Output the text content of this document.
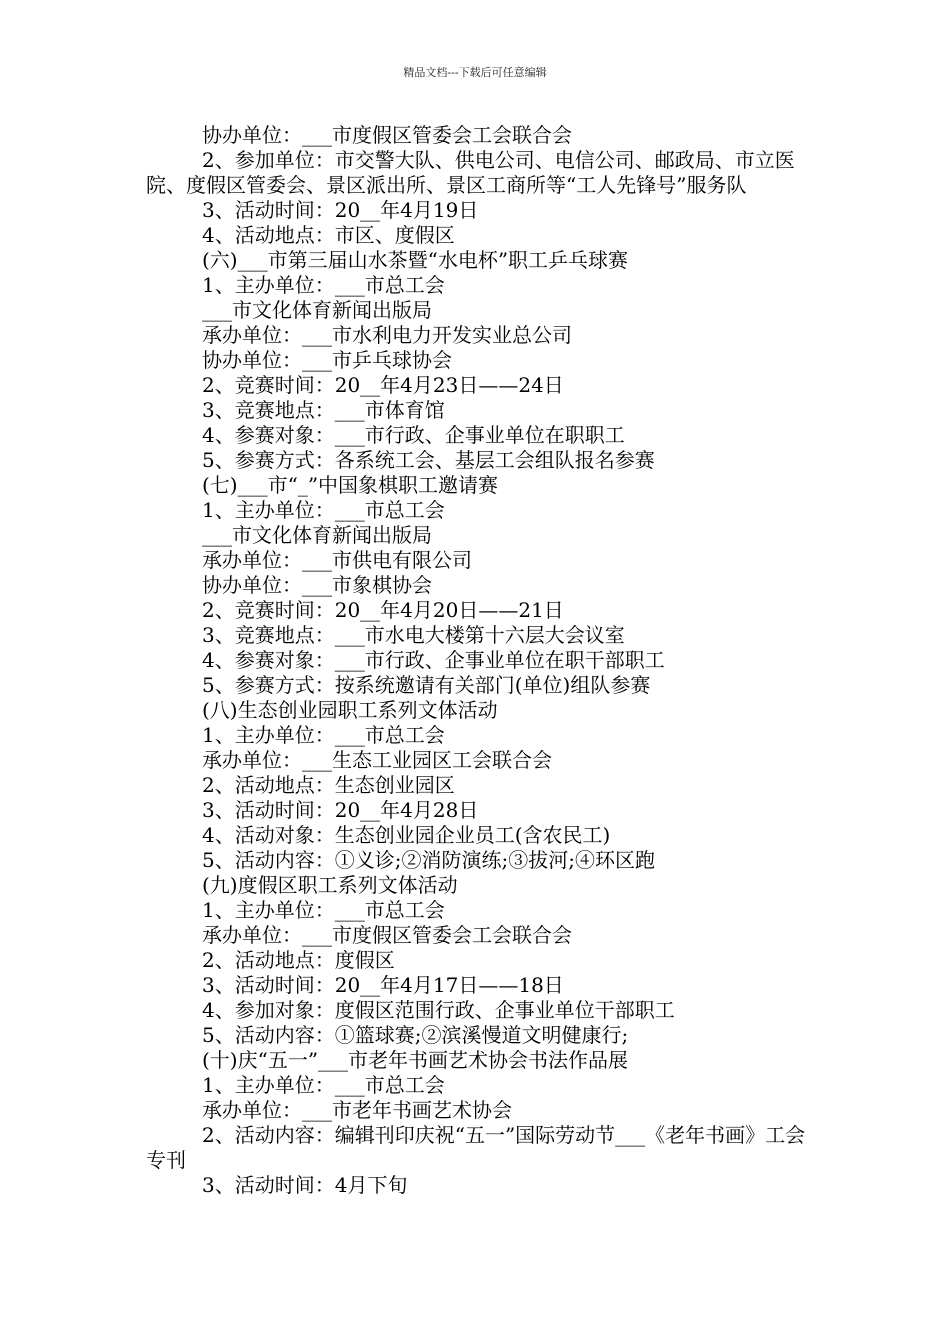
精品文档---下载后可任意编辑

协办单位：___市度假区管委会工会联合会

2、参加单位：市交警大队、供电公司、电信公司、邮政局、市立医院、度假区管委会、景区派出所、景区工商所等“工人先锋号”服务队

3、活动时间：20__年4月19日

4、活动地点：市区、度假区

(六)___市第三届山水茶暨“水电杯”职工乒乓球赛

1、主办单位：___市总工会

___市文化体育新闻出版局

承办单位：___市水利电力开发实业总公司

协办单位：___市乒乓球协会

2、竞赛时间：20__年4月23日——24日

3、竞赛地点：___市体育馆

4、参赛对象：___市行政、企事业单位在职职工

5、参赛方式：各系统工会、基层工会组队报名参赛

(七)___市“_”中国象棋职工邀请赛

1、主办单位：___市总工会

___市文化体育新闻出版局

承办单位：___市供电有限公司

协办单位：___市象棋协会

2、竞赛时间：20__年4月20日——21日

3、竞赛地点：___市水电大楼第十六层大会议室

4、参赛对象：___市行政、企事业单位在职干部职工

5、参赛方式：按系统邀请有关部门(单位)组队参赛

(八)生态创业园职工系列文体活动

1、主办单位：___市总工会

承办单位：___生态工业园区工会联合会

2、活动地点：生态创业园区

3、活动时间：20__年4月28日

4、活动对象：生态创业园企业员工(含农民工)

5、活动内容：①义诊;②消防演练;③拔河;④环区跑

(九)度假区职工系列文体活动

1、主办单位：___市总工会

承办单位：___市度假区管委会工会联合会

2、活动地点：度假区

3、活动时间：20__年4月17日——18日

4、参加对象：度假区范围行政、企事业单位干部职工

5、活动内容：①篮球赛;②滨溪慢道文明健康行;

(十)庆“五一”___市老年书画艺术协会书法作品展

1、主办单位：___市总工会

承办单位：___市老年书画艺术协会

2、活动内容：编辑刊印庆祝“五一”国际劳动节___《老年书画》工会专刊

3、活动时间：4月下旬
